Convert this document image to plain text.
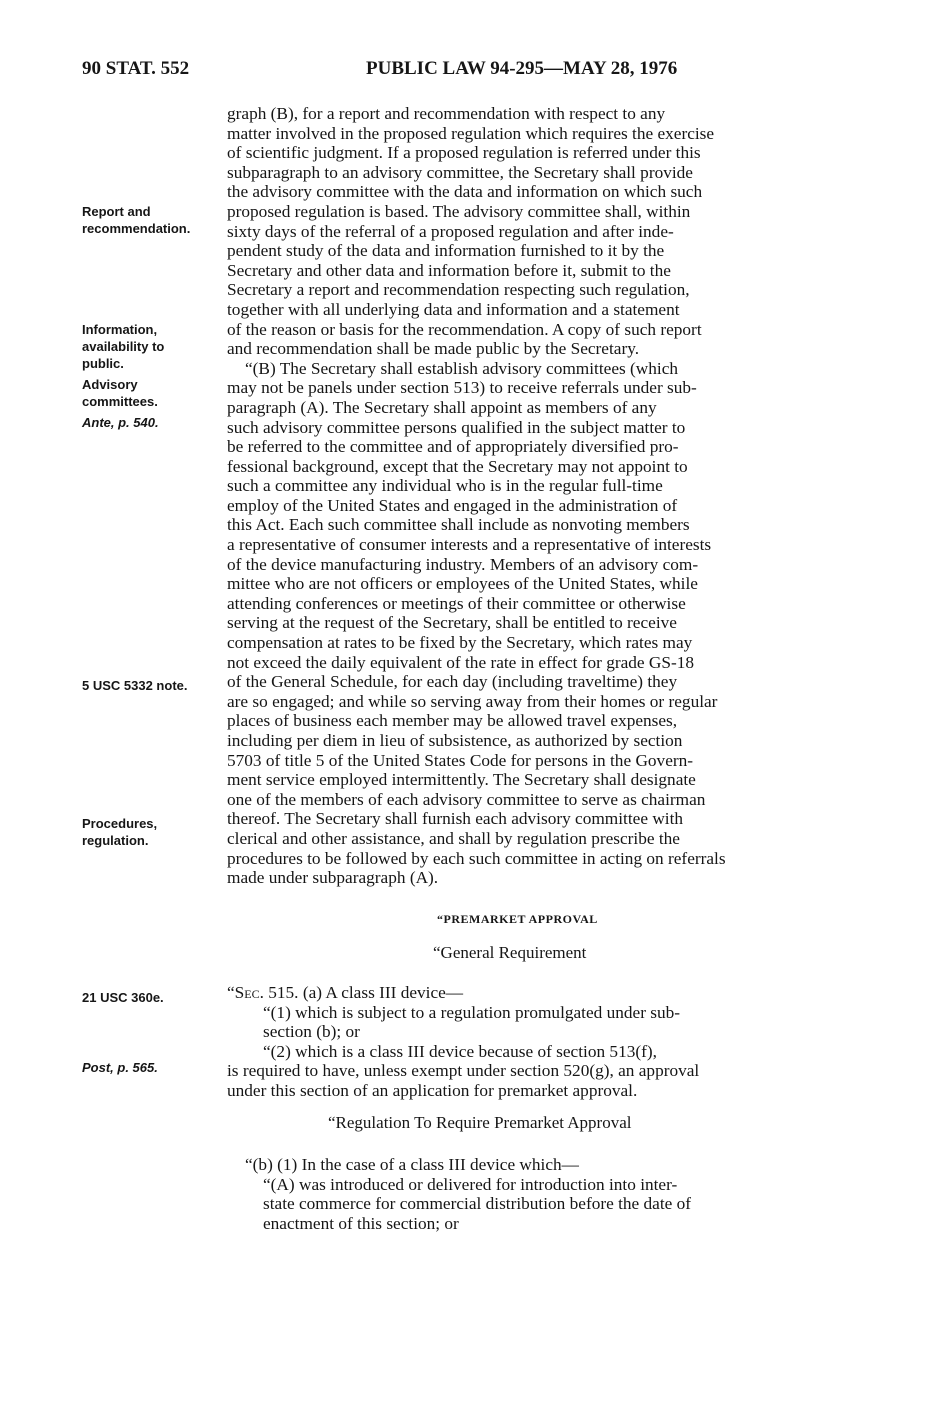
90 STAT. 552	PUBLIC LAW 94-295—MAY 28, 1976
Report and
recommendation.
Information,
availability to
public.
Advisory
committees.
Ante, p. 540.
5 USC 5332 note.
Procedures,
regulation.
21 USC 360e.
Post, p. 565.
graph (B), for a report and recommendation with respect to any
matter involved in the proposed regulation which requires the exercise
of scientific judgment. If a proposed regulation is referred under this
subparagraph to an advisory committee, the Secretary shall provide
the advisory committee with the data and information on which such
proposed regulation is based. The advisory committee shall, within
sixty days of the referral of a proposed regulation and after inde-
pendent study of the data and information furnished to it by the
Secretary and other data and information before it, submit to the
Secretary a report and recommendation respecting such regulation,
together with all underlying data and information and a statement
of the reason or basis for the recommendation. A copy of such report
and recommendation shall be made public by the Secretary.
“(B) The Secretary shall establish advisory committees (which
may not be panels under section 513) to receive referrals under sub-
paragraph (A). The Secretary shall appoint as members of any
such advisory committee persons qualified in the subject matter to
be referred to the committee and of appropriately diversified pro-
fessional background, except that the Secretary may not appoint to
such a committee any individual who is in the regular full-time
employ of the United States and engaged in the administration of
this Act. Each such committee shall include as nonvoting members
a representative of consumer interests and a representative of interests
of the device manufacturing industry. Members of an advisory com-
mittee who are not officers or employees of the United States, while
attending conferences or meetings of their committee or otherwise
serving at the request of the Secretary, shall be entitled to receive
compensation at rates to be fixed by the Secretary, which rates may
not exceed the daily equivalent of the rate in effect for grade GS-18
of the General Schedule, for each day (including traveltime) they
are so engaged; and while so serving away from their homes or regular
places of business each member may be allowed travel expenses,
including per diem in lieu of subsistence, as authorized by section
5703 of title 5 of the United States Code for persons in the Govern-
ment service employed intermittently. The Secretary shall designate
one of the members of each advisory committee to serve as chairman
thereof. The Secretary shall furnish each advisory committee with
clerical and other assistance, and shall by regulation prescribe the
procedures to be followed by each such committee in acting on referrals
made under subparagraph (A).
“PREMARKET APPROVAL
“General Requirement
“Sec. 515. (a) A class III device—
“(1) which is subject to a regulation promulgated under sub-
section (b); or
“(2) which is a class III device because of section 513(f),
is required to have, unless exempt under section 520(g), an approval
under this section of an application for premarket approval.
“Regulation To Require Premarket Approval
“(b) (1) In the case of a class III device which—
“(A) was introduced or delivered for introduction into inter-
state commerce for commercial distribution before the date of
enactment of this section; or
